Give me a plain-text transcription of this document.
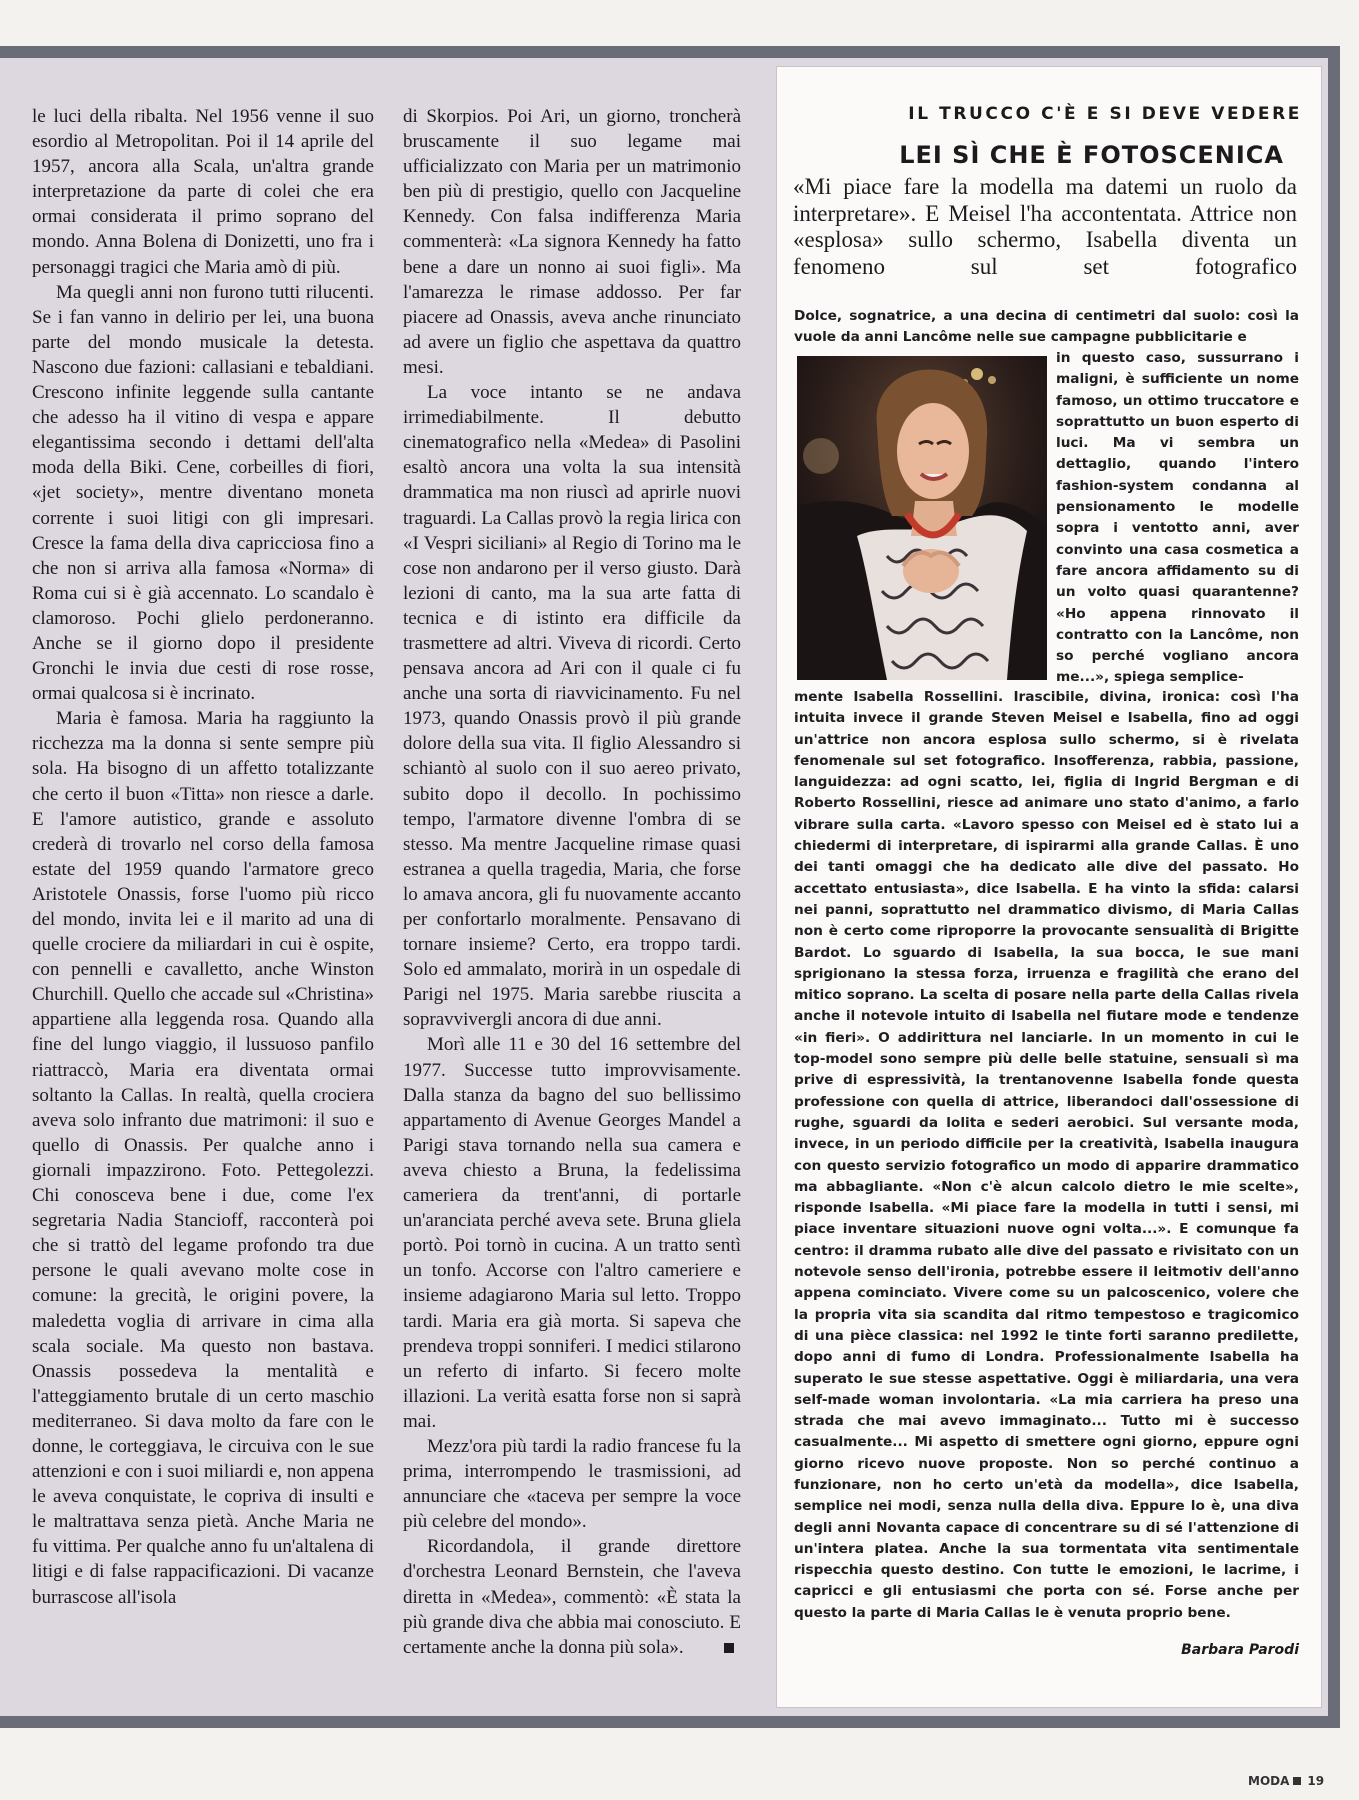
le luci della ribalta. Nel 1956 venne il suo esordio al Metropolitan. Poi il 14 aprile del 1957, ancora alla Scala, un'altra grande interpretazione da parte di colei che era ormai considerata il primo soprano del mondo. Anna Bolena di Donizetti, uno fra i personaggi tragici che Maria amò di più.

Ma quegli anni non furono tutti rilucenti. Se i fan vanno in delirio per lei, una buona parte del mondo musicale la detesta. Nascono due fazioni: callasiani e tebaldiani. Crescono infinite leggende sulla cantante che adesso ha il vitino di vespa e appare elegantissima secondo i dettami dell'alta moda della Biki. Cene, corbeilles di fiori, «jet society», mentre diventano moneta corrente i suoi litigi con gli impresari. Cresce la fama della diva capricciosa fino a che non si arriva alla famosa «Norma» di Roma cui si è già accennato. Lo scandalo è clamoroso. Pochi glielo perdoneranno. Anche se il giorno dopo il presidente Gronchi le invia due cesti di rose rosse, ormai qualcosa si è incrinato.

Maria è famosa. Maria ha raggiunto la ricchezza ma la donna si sente sempre più sola. Ha bisogno di un affetto totalizzante che certo il buon «Titta» non riesce a darle. E l'amore autistico, grande e assoluto crederà di trovarlo nel corso della famosa estate del 1959 quando l'armatore greco Aristotele Onassis, forse l'uomo più ricco del mondo, invita lei e il marito ad una di quelle crociere da miliardari in cui è ospite, con pennelli e cavalletto, anche Winston Churchill. Quello che accade sul «Christina» appartiene alla leggenda rosa. Quando alla fine del lungo viaggio, il lussuoso panfilo riattraccò, Maria era diventata ormai soltanto la Callas. In realtà, quella crociera aveva solo infranto due matrimoni: il suo e quello di Onassis. Per qualche anno i giornali impazzirono. Foto. Pettegolezzi. Chi conosceva bene i due, come l'ex segretaria Nadia Stancioff, racconterà poi che si trattò del legame profondo tra due persone le quali avevano molte cose in comune: la grecità, le origini povere, la maledetta voglia di arrivare in cima alla scala sociale. Ma questo non bastava. Onassis possedeva la mentalità e l'atteggiamento brutale di un certo maschio mediterraneo. Si dava molto da fare con le donne, le corteggiava, le circuiva con le sue attenzioni e con i suoi miliardi e, non appena le aveva conquistate, le copriva di insulti e le maltrattava senza pietà. Anche Maria ne fu vittima. Per qualche anno fu un'altalena di litigi e di false rappacificazioni. Di vacanze burrascose all'isola

di Skorpios. Poi Ari, un giorno, troncherà bruscamente il suo legame mai ufficializzato con Maria per un matrimonio ben più di prestigio, quello con Jacqueline Kennedy. Con falsa indifferenza Maria commenterà: «La signora Kennedy ha fatto bene a dare un nonno ai suoi figli». Ma l'amarezza le rimase addosso. Per far piacere ad Onassis, aveva anche rinunciato ad avere un figlio che aspettava da quattro mesi.

La voce intanto se ne andava irrimediabilmente. Il debutto cinematografico nella «Medea» di Pasolini esaltò ancora una volta la sua intensità drammatica ma non riuscì ad aprirle nuovi traguardi. La Callas provò la regia lirica con «I Vespri siciliani» al Regio di Torino ma le cose non andarono per il verso giusto. Darà lezioni di canto, ma la sua arte fatta di tecnica e di istinto era difficile da trasmettere ad altri. Viveva di ricordi. Certo pensava ancora ad Ari con il quale ci fu anche una sorta di riavvicinamento. Fu nel 1973, quando Onassis provò il più grande dolore della sua vita. Il figlio Alessandro si schiantò al suolo con il suo aereo privato, subito dopo il decollo. In pochissimo tempo, l'armatore divenne l'ombra di se stesso. Ma mentre Jacqueline rimase quasi estranea a quella tragedia, Maria, che forse lo amava ancora, gli fu nuovamente accanto per confortarlo moralmente. Pensavano di tornare insieme? Certo, era troppo tardi. Solo ed ammalato, morirà in un ospedale di Parigi nel 1975. Maria sarebbe riuscita a sopravvivergli ancora di due anni.

Morì alle 11 e 30 del 16 settembre del 1977. Successe tutto improvvisamente. Dalla stanza da bagno del suo bellissimo appartamento di Avenue Georges Mandel a Parigi stava tornando nella sua camera e aveva chiesto a Bruna, la fedelissima cameriera da trent'anni, di portarle un'aranciata perché aveva sete. Bruna gliela portò. Poi tornò in cucina. A un tratto sentì un tonfo. Accorse con l'altro cameriere e insieme adagiarono Maria sul letto. Troppo tardi. Maria era già morta. Si sapeva che prendeva troppi sonniferi. I medici stilarono un referto di infarto. Si fecero molte illazioni. La verità esatta forse non si saprà mai.

Mezz'ora più tardi la radio francese fu la prima, interrompendo le trasmissioni, ad annunciare che «taceva per sempre la voce più celebre del mondo».

Ricordandola, il grande direttore d'orchestra Leonard Bernstein, che l'aveva diretta in «Medea», commentò: «È stata la più grande diva che abbia mai conosciuto. E certamente anche la donna più sola».

IL TRUCCO C'È E SI DEVE VEDERE
LEI SÌ CHE È FOTOSCENICA
«Mi piace fare la modella ma datemi un ruolo da interpretare». E Meisel l'ha accontentata. Attrice non «esplosa» sullo schermo, Isabella diventa un fenomeno sul set fotografico
Dolce, sognatrice, a una decina di centimetri dal suolo: così la vuole da anni Lancôme nelle sue campagne pubblicitarie e
in questo caso, sussurrano i maligni, è sufficiente un nome famoso, un ottimo truccatore e soprattutto un buon esperto di luci. Ma vi sembra un dettaglio, quando l'intero fashion-system condanna al pensionamento le modelle sopra i ventotto anni, aver convinto una casa cosmetica a fare ancora affidamento su di un volto quasi quarantenne? «Ho appena rinnovato il contratto con la Lancôme, non so perché vogliano ancora me...», spiega semplice-
mente Isabella Rossellini. Irascibile, divina, ironica: così l'ha intuita invece il grande Steven Meisel e Isabella, fino ad oggi un'attrice non ancora esplosa sullo schermo, si è rivelata fenomenale sul set fotografico. Insofferenza, rabbia, passione, languidezza: ad ogni scatto, lei, figlia di Ingrid Bergman e di Roberto Rossellini, riesce ad animare uno stato d'animo, a farlo vibrare sulla carta. «Lavoro spesso con Meisel ed è stato lui a chiedermi di interpretare, di ispirarmi alla grande Callas. È uno dei tanti omaggi che ha dedicato alle dive del passato. Ho accettato entusiasta», dice Isabella. E ha vinto la sfida: calarsi nei panni, soprattutto nel drammatico divismo, di Maria Callas non è certo come riproporre la provocante sensualità di Brigitte Bardot. Lo sguardo di Isabella, la sua bocca, le sue mani sprigionano la stessa forza, irruenza e fragilità che erano del mitico soprano. La scelta di posare nella parte della Callas rivela anche il notevole intuito di Isabella nel fiutare mode e tendenze «in fieri». O addirittura nel lanciarle. In un momento in cui le top-model sono sempre più delle belle statuine, sensuali sì ma prive di espressività, la trentanovenne Isabella fonde questa professione con quella di attrice, liberandoci dall'ossessione di rughe, sguardi da lolita e sederi aerobici. Sul versante moda, invece, in un periodo difficile per la creatività, Isabella inaugura con questo servizio fotografico un modo di apparire drammatico ma abbagliante. «Non c'è alcun calcolo dietro le mie scelte», risponde Isabella. «Mi piace fare la modella in tutti i sensi, mi piace inventare situazioni nuove ogni volta...». E comunque fa centro: il dramma rubato alle dive del passato e rivisitato con un notevole senso dell'ironia, potrebbe essere il leitmotiv dell'anno appena cominciato. Vivere come su un palcoscenico, volere che la propria vita sia scandita dal ritmo tempestoso e tragicomico di una pièce classica: nel 1992 le tinte forti saranno predilette, dopo anni di fumo di Londra. Professionalmente Isabella ha superato le sue stesse aspettative. Oggi è miliardaria, una vera self-made woman involontaria. «La mia carriera ha preso una strada che mai avevo immaginato... Tutto mi è successo casualmente... Mi aspetto di smettere ogni giorno, eppure ogni giorno ricevo nuove proposte. Non so perché continuo a funzionare, non ho certo un'età da modella», dice Isabella, semplice nei modi, senza nulla della diva. Eppure lo è, una diva degli anni Novanta capace di concentrare su di sé l'attenzione di un'intera platea. Anche la sua tormentata vita sentimentale rispecchia questo destino. Con tutte le emozioni, le lacrime, i capricci e gli entusiasmi che porta con sé. Forse anche per questo la parte di Maria Callas le è venuta proprio bene.
Barbara Parodi
MODA 19
